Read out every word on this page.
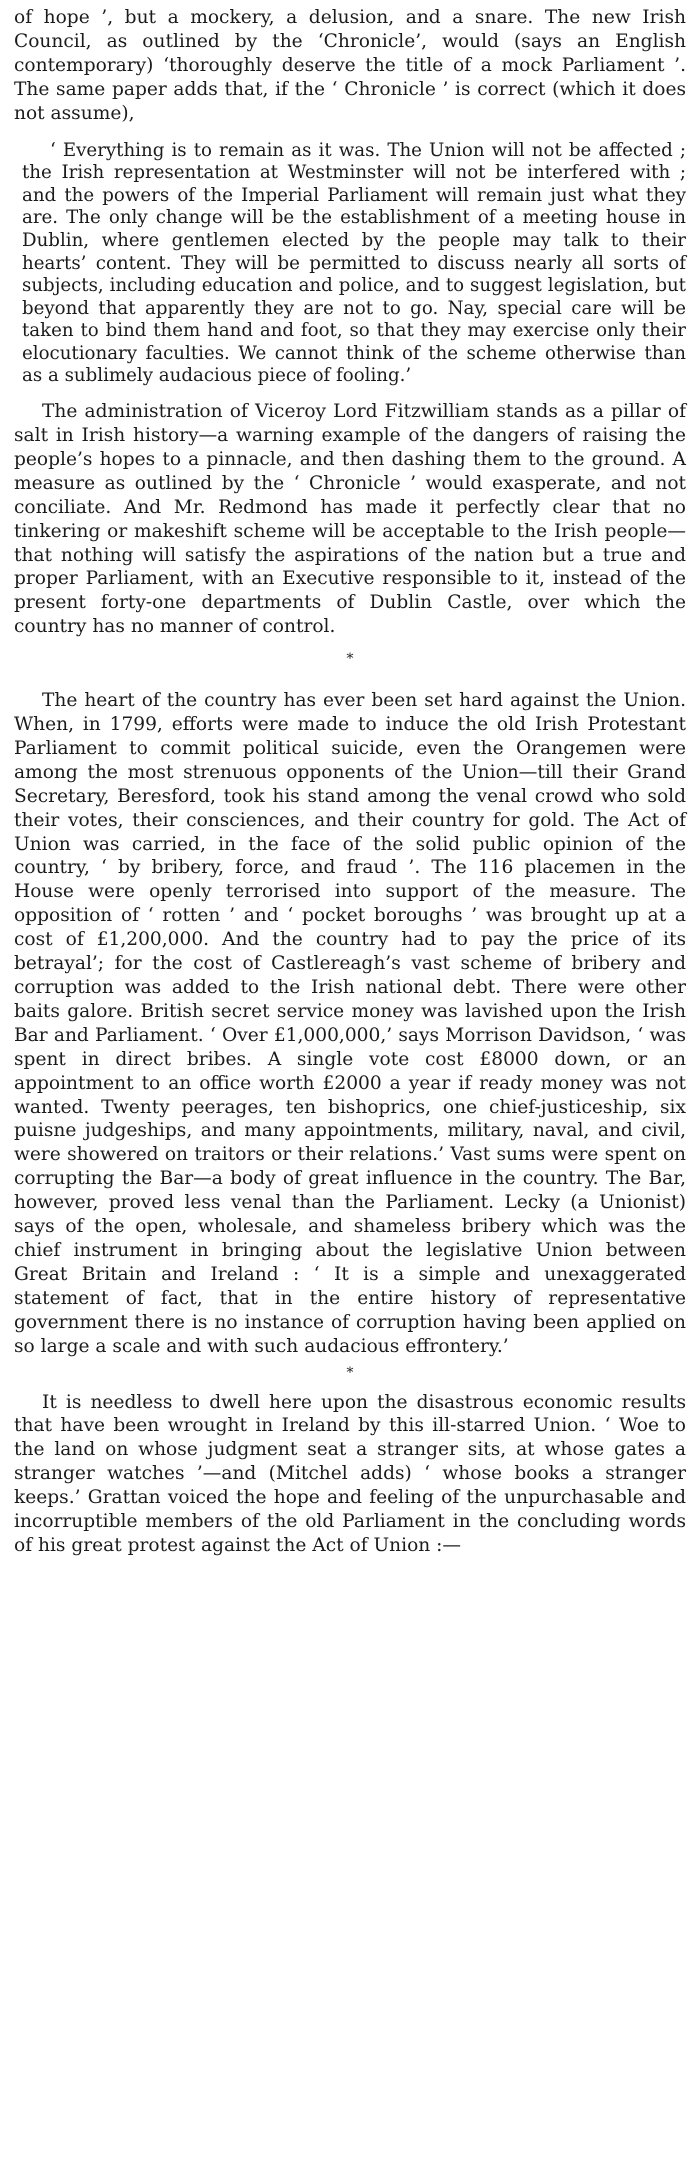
of hope ’, but a mockery, a delusion, and a snare. The new Irish Council, as outlined by the ‘Chronicle’, would (says an English contemporary) ‘thoroughly deserve the title of a mock Parliament ’. The same paper adds that, if the ‘ Chronicle ’ is correct (which it does not assume),

‘ Everything is to remain as it was. The Union will not be affected ; the Irish representation at Westminster will not be interfered with ; and the powers of the Imperial Parliament will remain just what they are. The only change will be the establishment of a meeting house in Dublin, where gentlemen elected by the people may talk to their hearts’ content. They will be permitted to discuss nearly all sorts of subjects, including education and police, and to suggest legislation, but beyond that apparently they are not to go. Nay, special care will be taken to bind them hand and foot, so that they may exercise only their elocutionary faculties. We cannot think of the scheme otherwise than as a sublimely audacious piece of fooling.’

The administration of Viceroy Lord Fitzwilliam stands as a pillar of salt in Irish history—a warning example of the dangers of raising the people’s hopes to a pinnacle, and then dashing them to the ground. A measure as outlined by the ‘ Chronicle ’ would exasperate, and not conciliate. And Mr. Redmond has made it perfectly clear that no tinkering or makeshift scheme will be acceptable to the Irish people—that nothing will satisfy the aspirations of the nation but a true and proper Parliament, with an Executive responsible to it, instead of the present forty-one departments of Dublin Castle, over which the country has no manner of control.

*

The heart of the country has ever been set hard against the Union. When, in 1799, efforts were made to induce the old Irish Protestant Parliament to commit political suicide, even the Orangemen were among the most strenuous opponents of the Union—till their Grand Secretary, Beresford, took his stand among the venal crowd who sold their votes, their consciences, and their country for gold. The Act of Union was carried, in the face of the solid public opinion of the country, ‘ by bribery, force, and fraud ’. The 116 placemen in the House were openly terrorised into support of the measure. The opposition of ‘ rotten ’ and ‘ pocket boroughs ’ was brought up at a cost of £1,200,000. And the country had to pay the price of its betrayal’; for the cost of Castlereagh’s vast scheme of bribery and corruption was added to the Irish national debt. There were other baits galore. British secret service money was lavished upon the Irish Bar and Parliament. ‘ Over £1,000,000,’ says Morrison Davidson, ‘ was spent in direct bribes. A single vote cost £8000 down, or an appointment to an office worth £2000 a year if ready money was not wanted. Twenty peerages, ten bishoprics, one chief-justiceship, six puisne judgeships, and many appointments, military, naval, and civil, were showered on traitors or their relations.’ Vast sums were spent on corrupting the Bar—a body of great influence in the country. The Bar, however, proved less venal than the Parliament. Lecky (a Unionist) says of the open, wholesale, and shameless bribery which was the chief instrument in bringing about the legislative Union between Great Britain and Ireland : ‘ It is a simple and unexaggerated statement of fact, that in the entire history of representative government there is no instance of corruption having been applied on so large a scale and with such audacious effrontery.’

*

It is needless to dwell here upon the disastrous economic results that have been wrought in Ireland by this ill-starred Union. ‘ Woe to the land on whose judgment seat a stranger sits, at whose gates a stranger watches ’—and (Mitchel adds) ‘ whose books a stranger keeps.’ Grattan voiced the hope and feeling of the unpurchasable and incorruptible members of the old Parliament in the concluding words of his great protest against the Act of Union :—
